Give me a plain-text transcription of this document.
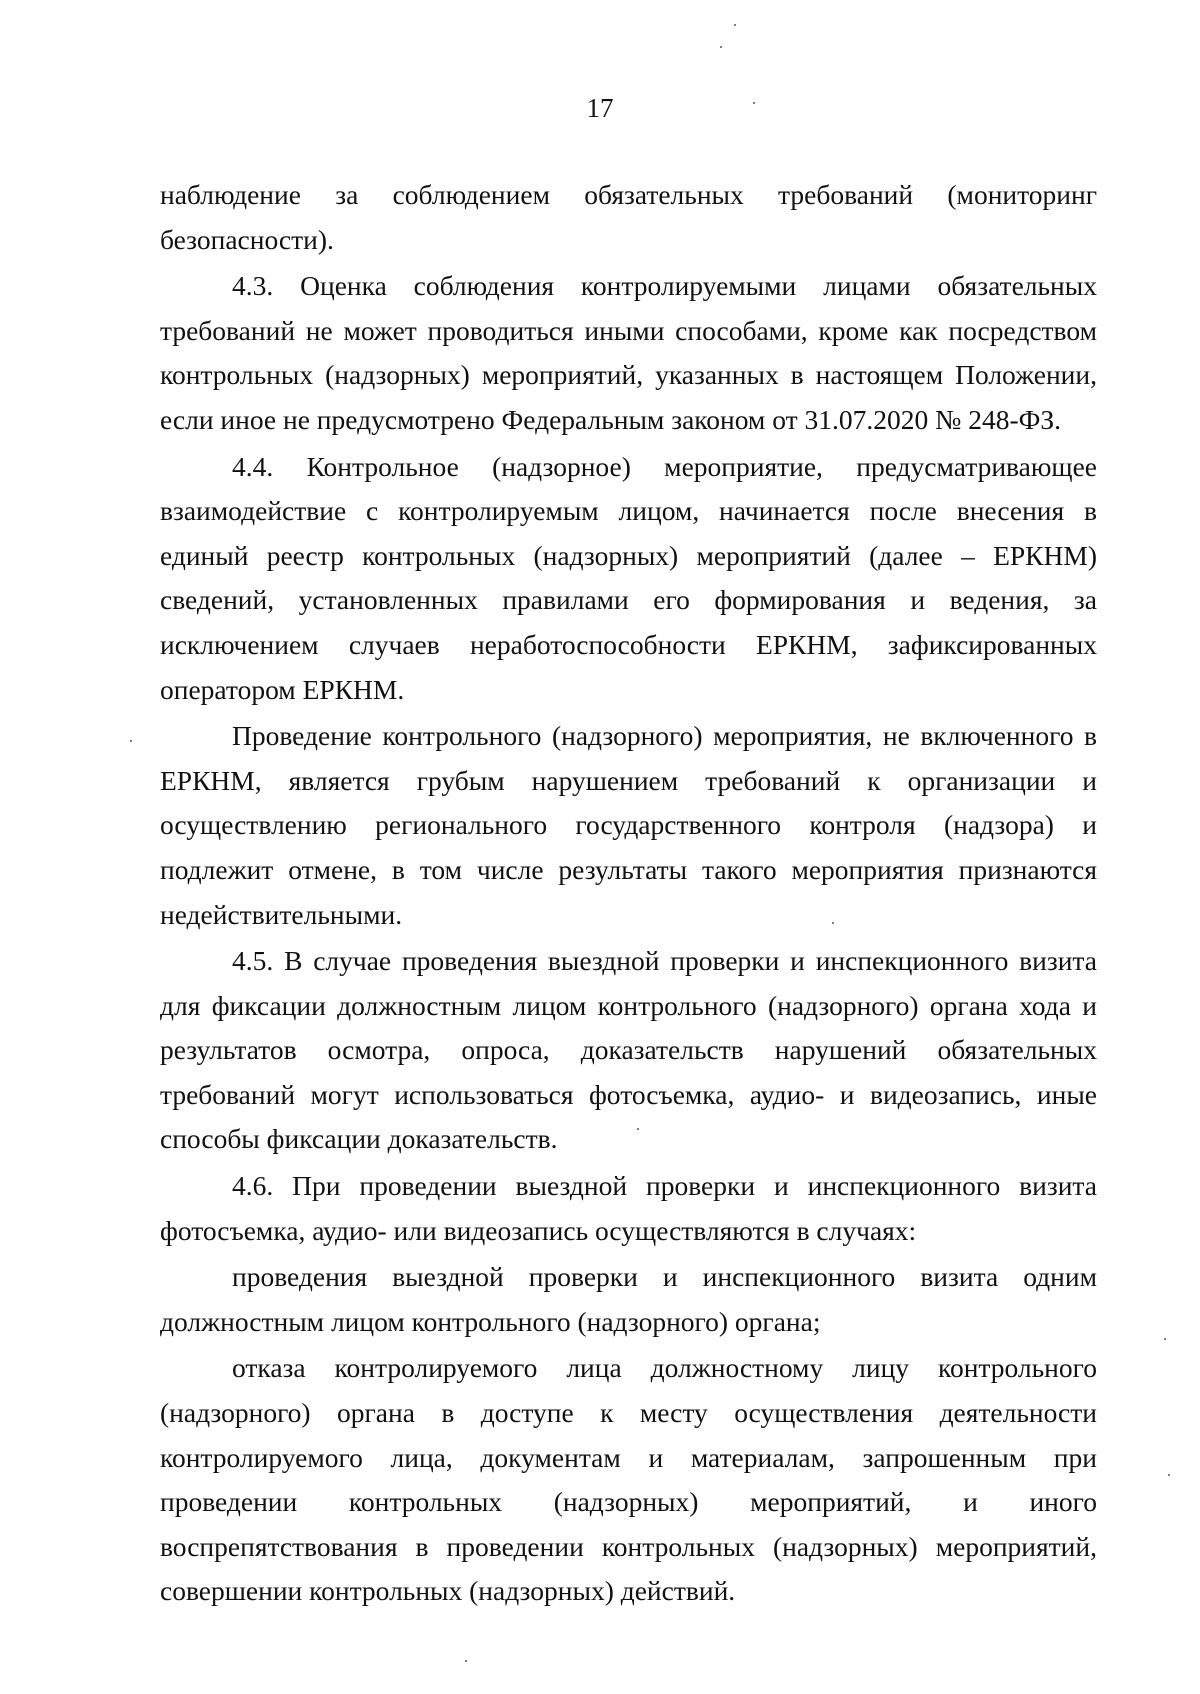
17

наблюдение за соблюдением обязательных требований (мониторинг безопасности).

4.3. Оценка соблюдения контролируемыми лицами обязательных требований не может проводиться иными способами, кроме как посредством контрольных (надзорных) мероприятий, указанных в настоящем Положении, если иное не предусмотрено Федеральным законом от 31.07.2020 № 248-ФЗ.

4.4. Контрольное (надзорное) мероприятие, предусматривающее взаимодействие с контролируемым лицом, начинается после внесения в единый реестр контрольных (надзорных) мероприятий (далее – ЕРКНМ) сведений, установленных правилами его формирования и ведения, за исключением случаев неработоспособности ЕРКНМ, зафиксированных оператором ЕРКНМ.

Проведение контрольного (надзорного) мероприятия, не включенного в ЕРКНМ, является грубым нарушением требований к организации и осуществлению регионального государственного контроля (надзора) и подлежит отмене, в том числе результаты такого мероприятия признаются недействительными.

4.5. В случае проведения выездной проверки и инспекционного визита для фиксации должностным лицом контрольного (надзорного) органа хода и результатов осмотра, опроса, доказательств нарушений обязательных требований могут использоваться фотосъемка, аудио- и видеозапись, иные способы фиксации доказательств.

4.6. При проведении выездной проверки и инспекционного визита фотосъемка, аудио- или видеозапись осуществляются в случаях:

проведения выездной проверки и инспекционного визита одним должностным лицом контрольного (надзорного) органа;

отказа контролируемого лица должностному лицу контрольного (надзорного) органа в доступе к месту осуществления деятельности контролируемого лица, документам и материалам, запрошенным при проведении контрольных (надзорных) мероприятий, и иного воспрепятствования в проведении контрольных (надзорных) мероприятий, совершении контрольных (надзорных) действий.
